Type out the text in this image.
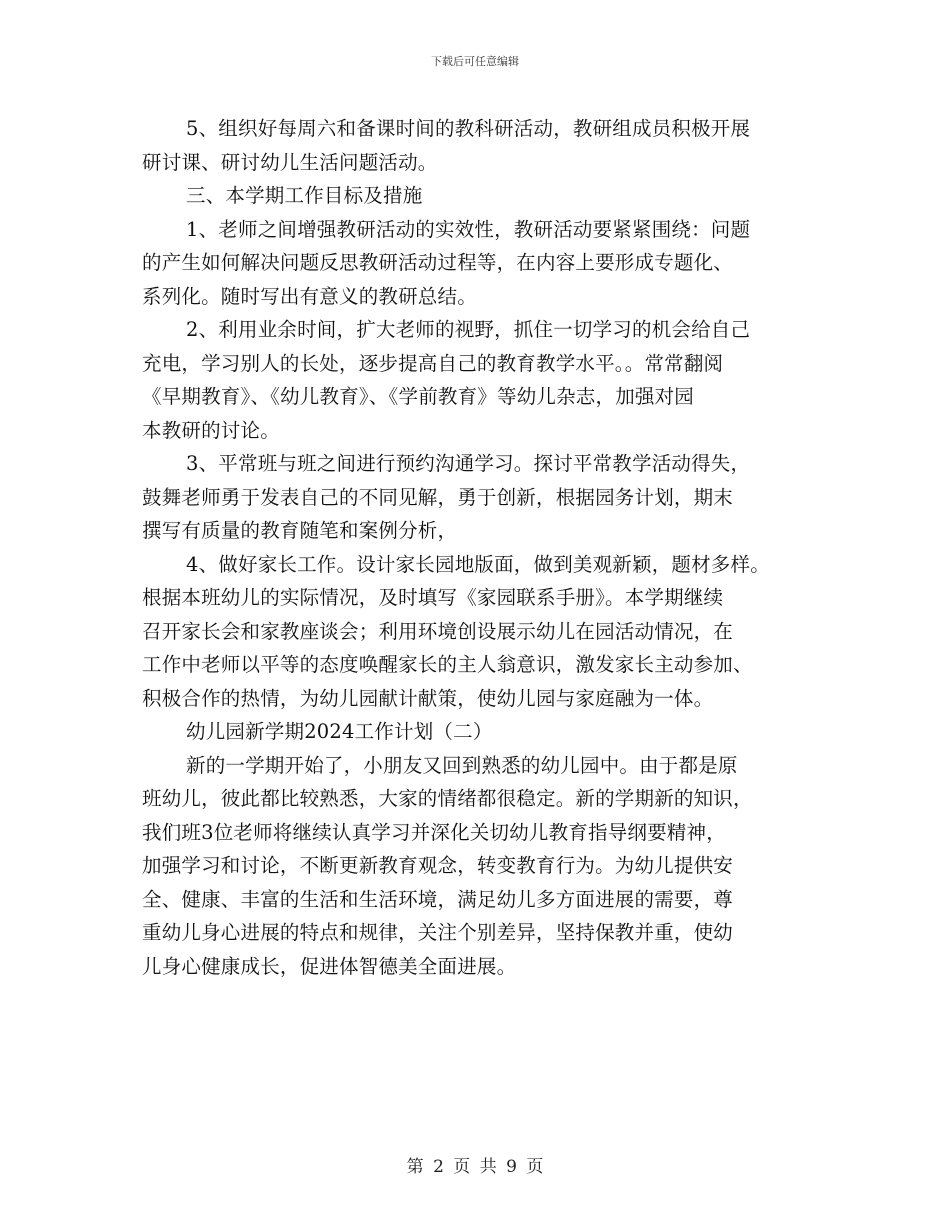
下载后可任意编辑
5、组织好每周六和备课时间的教科研活动，教研组成员积极开展
研讨课、研讨幼儿生活问题活动。
三、本学期工作目标及措施
1、老师之间增强教研活动的实效性，教研活动要紧紧围绕：问题
的产生如何解决问题反思教研活动过程等，在内容上要形成专题化、
系列化。随时写出有意义的教研总结。
2、利用业余时间，扩大老师的视野，抓住一切学习的机会给自己
充电，学习别人的长处，逐步提高自己的教育教学水平。。常常翻阅
《早期教育》、《幼儿教育》、《学前教育》等幼儿杂志，加强对园
本教研的讨论。
3、平常班与班之间进行预约沟通学习。探讨平常教学活动得失，
鼓舞老师勇于发表自己的不同见解，勇于创新，根据园务计划，期末
撰写有质量的教育随笔和案例分析，
4、做好家长工作。设计家长园地版面，做到美观新颖，题材多样。
根据本班幼儿的实际情况，及时填写《家园联系手册》。本学期继续
召开家长会和家教座谈会；利用环境创设展示幼儿在园活动情况，在
工作中老师以平等的态度唤醒家长的主人翁意识，激发家长主动参加、
积极合作的热情，为幼儿园献计献策，使幼儿园与家庭融为一体。
幼儿园新学期2024工作计划（二）
新的一学期开始了，小朋友又回到熟悉的幼儿园中。由于都是原
班幼儿，彼此都比较熟悉，大家的情绪都很稳定。新的学期新的知识，
我们班3位老师将继续认真学习并深化关切幼儿教育指导纲要精神，
加强学习和讨论，不断更新教育观念，转变教育行为。为幼儿提供安
全、健康、丰富的生活和生活环境，满足幼儿多方面进展的需要，尊
重幼儿身心进展的特点和规律，关注个别差异，坚持保教并重，使幼
儿身心健康成长，促进体智德美全面进展。
第 2 页 共 9 页
